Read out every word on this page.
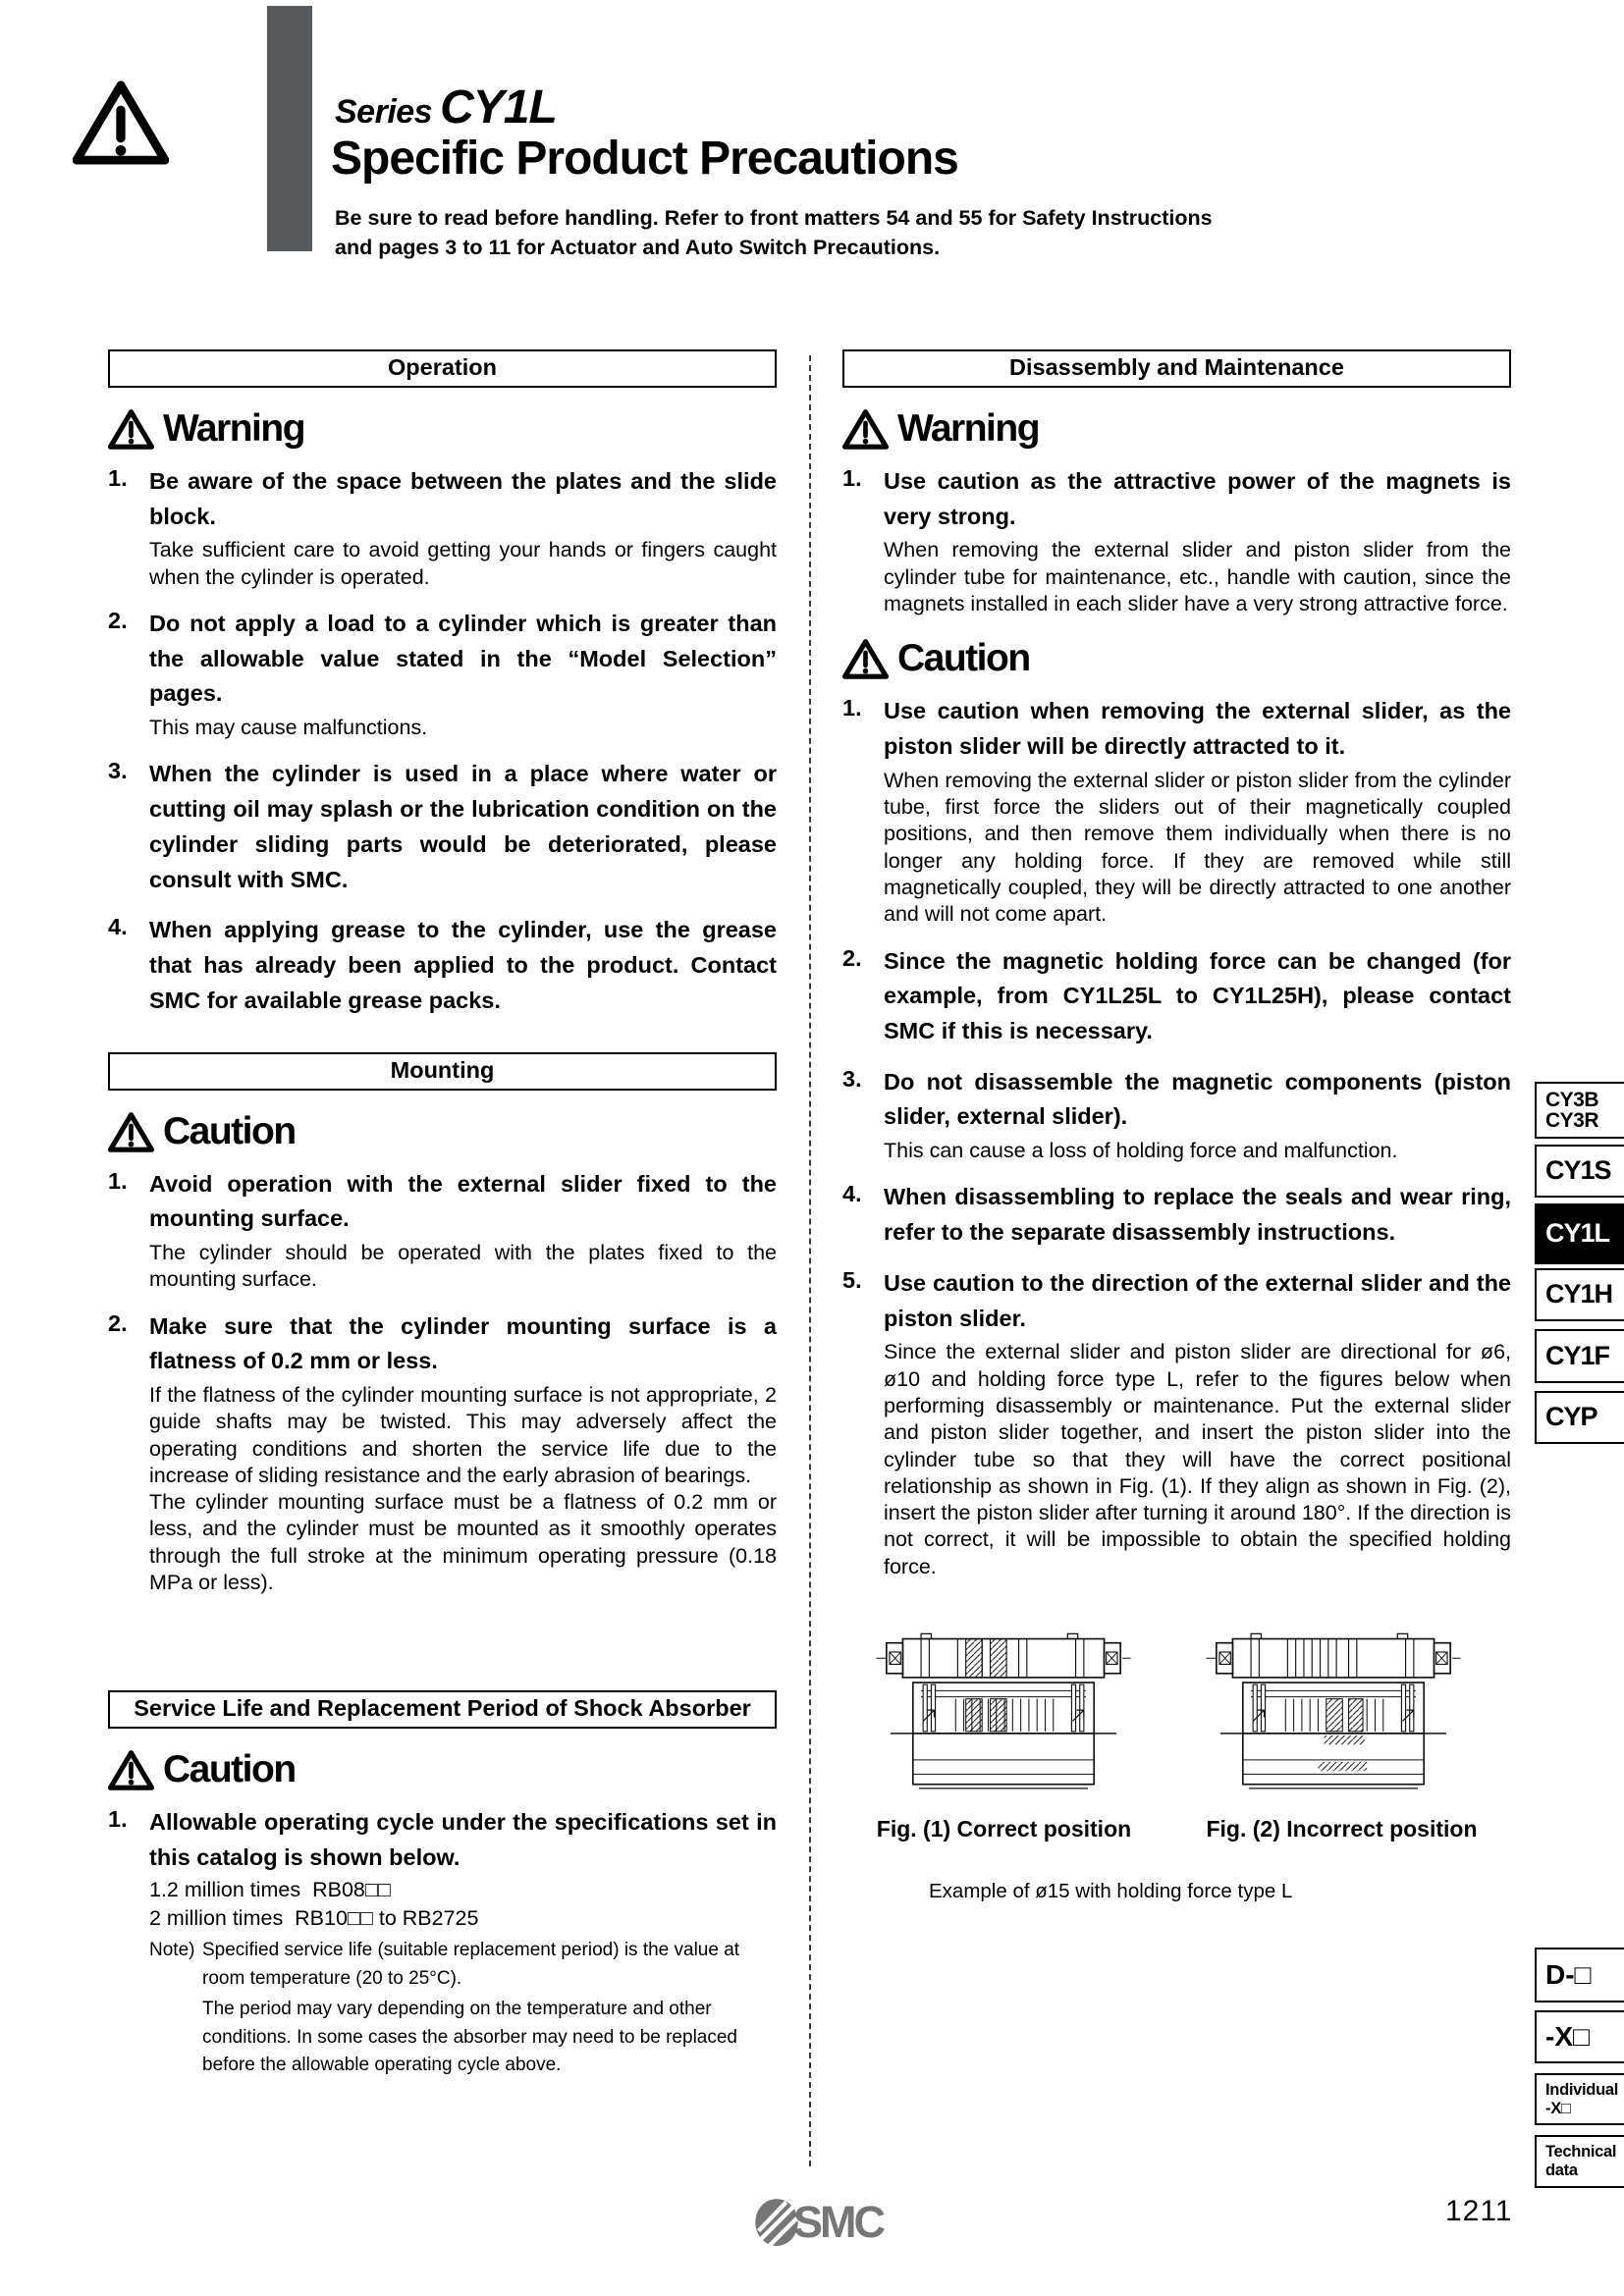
Series CY1L
Specific Product Precautions
Be sure to read before handling. Refer to front matters 54 and 55 for Safety Instructions
and pages 3 to 11 for Actuator and Auto Switch Precautions.
Operation
Warning
1. Be aware of the space between the plates and the slide block.
Take sufficient care to avoid getting your hands or fingers caught when the cylinder is operated.
2. Do not apply a load to a cylinder which is greater than the allowable value stated in the “Model Selection” pages.
This may cause malfunctions.
3. When the cylinder is used in a place where water or cutting oil may splash or the lubrication condition on the cylinder sliding parts would be deteriorated, please consult with SMC.
4. When applying grease to the cylinder, use the grease that has already been applied to the product. Contact SMC for available grease packs.
Mounting
Caution
1. Avoid operation with the external slider fixed to the mounting surface.
The cylinder should be operated with the plates fixed to the mounting surface.
2. Make sure that the cylinder mounting surface is a flatness of 0.2 mm or less.
If the flatness of the cylinder mounting surface is not appropriate, 2 guide shafts may be twisted. This may adversely affect the operating conditions and shorten the service life due to the increase of sliding resistance and the early abrasion of bearings.
The cylinder mounting surface must be a flatness of 0.2 mm or less, and the cylinder must be mounted as it smoothly operates through the full stroke at the minimum operating pressure (0.18 MPa or less).
Service Life and Replacement Period of Shock Absorber
Caution
1. Allowable operating cycle under the specifications set in this catalog is shown below.
1.2 million times  RB08□□
2 million times  RB10□□ to RB2725
Note) Specified service life (suitable replacement period) is the value at room temperature (20 to 25°C).

The period may vary depending on the temperature and other conditions. In some cases the absorber may need to be replaced before the allowable operating cycle above.

Disassembly and Maintenance
Warning
1. Use caution as the attractive power of the magnets is very strong.
When removing the external slider and piston slider from the cylinder tube for maintenance, etc., handle with caution, since the magnets installed in each slider have a very strong attractive force.
Caution
1. Use caution when removing the external slider, as the piston slider will be directly attracted to it.
When removing the external slider or piston slider from the cylinder tube, first force the sliders out of their magnetically coupled positions, and then remove them individually when there is no longer any holding force. If they are removed while still magnetically coupled, they will be directly attracted to one another and will not come apart.
2. Since the magnetic holding force can be changed (for example, from CY1L25L to CY1L25H), please contact SMC if this is necessary.
3. Do not disassemble the magnetic components (piston slider, external slider).
This can cause a loss of holding force and malfunction.
4. When disassembling to replace the seals and wear ring, refer to the separate disassembly instructions.
5. Use caution to the direction of the external slider and the piston slider.
Since the external slider and piston slider are directional for ø6, ø10 and holding force type L, refer to the figures below when performing disassembly or maintenance. Put the external slider and piston slider together, and insert the piston slider into the cylinder tube so that they will have the correct positional relationship as shown in Fig. (1). If they align as shown in Fig. (2), insert the piston slider after turning it around 180°. If the direction is not correct, it will be impossible to obtain the specified holding force.
Fig. (1) Correct position	Fig. (2) Incorrect position
Example of ø15 with holding force type L
CY3B
CY3R
CY1S
CY1L
CY1H
CY1F
CYP
D-□
-X□
Individual
-X□
Technical
data
SMC	1211
